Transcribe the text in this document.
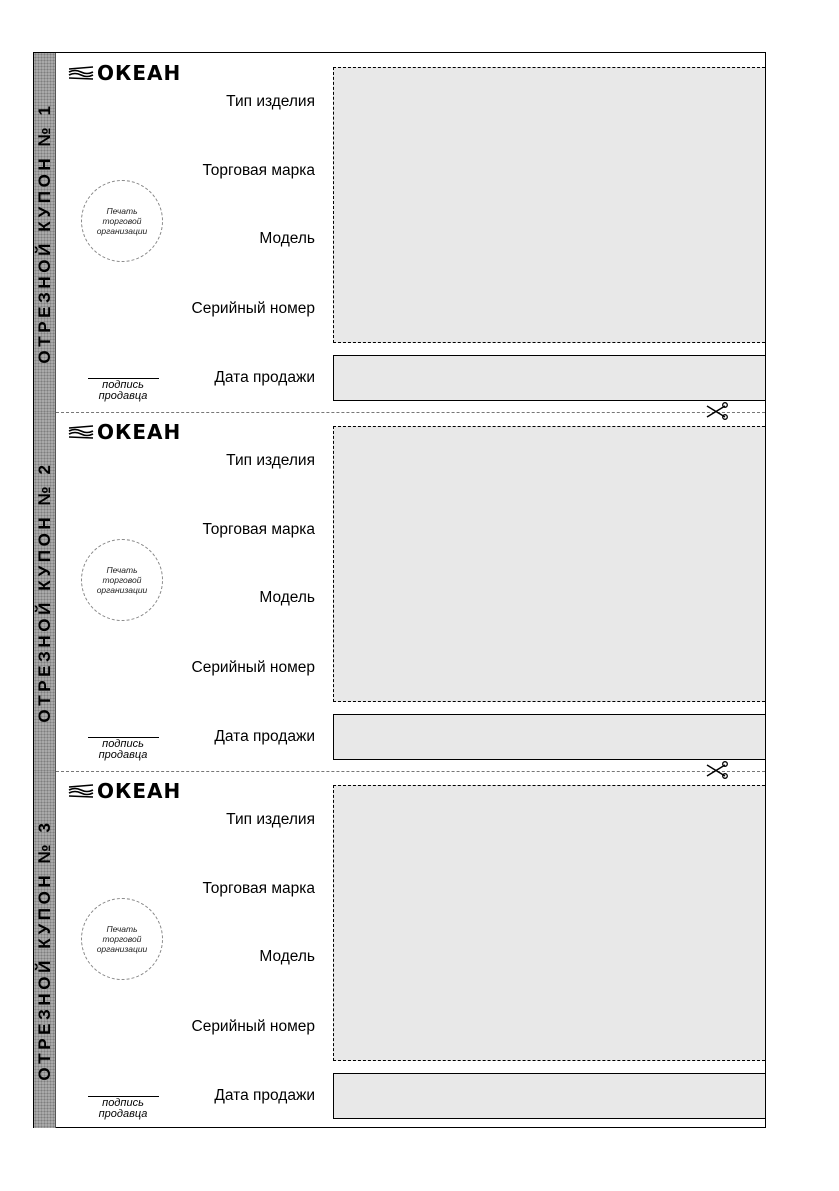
ОТРЕЗНОЙ КУПОН № 1
ОКЕАН
Тип изделия
Торговая марка
Модель
Серийный номер
Дата продажи
Печать
торговой
организации
подпись
продавца
ОТРЕЗНОЙ КУПОН № 2
ОКЕАН
Тип изделия
Торговая марка
Модель
Серийный номер
Дата продажи
Печать
торговой
организации
подпись
продавца
ОТРЕЗНОЙ КУПОН № 3
ОКЕАН
Тип изделия
Торговая марка
Модель
Серийный номер
Дата продажи
Печать
торговой
организации
подпись
продавца
